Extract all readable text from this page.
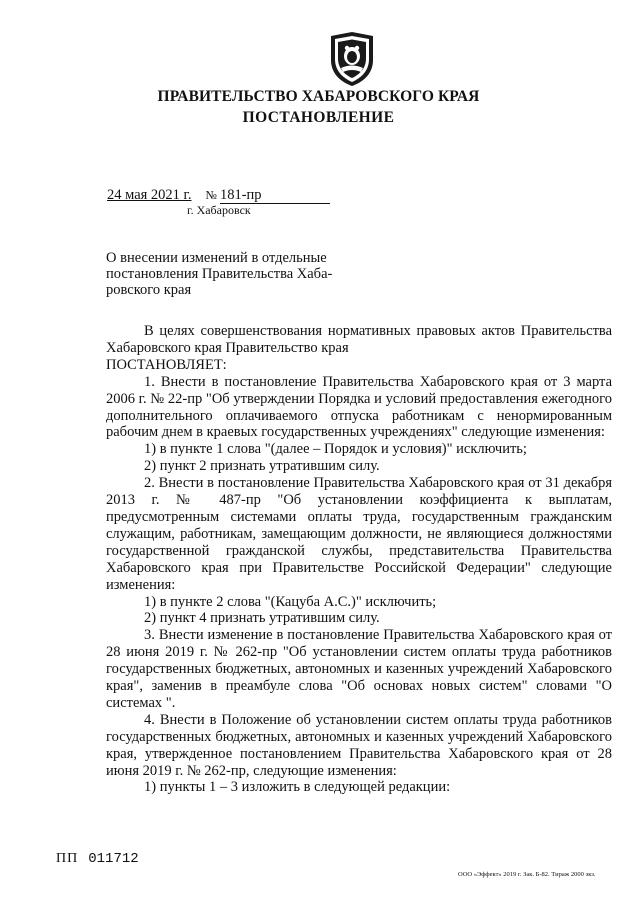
ПРАВИТЕЛЬСТВО ХАБАРОВСКОГО КРАЯ
ПОСТАНОВЛЕНИЕ
24 мая 2021 г. № 181-пр
г. Хабаровск
О внесении изменений в отдельные
постановления Правительства Хаба-
ровского края

В целях совершенствования нормативных правовых актов Правительства Хабаровского края Правительство края

ПОСТАНОВЛЯЕТ:

1. Внести в постановление Правительства Хабаровского края от 3 марта 2006 г. № 22-пр "Об утверждении Порядка и условий предоставления ежегодного дополнительного оплачиваемого отпуска работникам с ненормированным рабочим днем в краевых государственных учреждениях" следующие изменения:

1) в пункте 1 слова "(далее – Порядок и условия)" исключить;

2) пункт 2 признать утратившим силу.

2. Внести в постановление Правительства Хабаровского края от 31 декабря 2013 г. № 487-пр "Об установлении коэффициента к выплатам, предусмотренным системами оплаты труда, государственным гражданским служащим, работникам, замещающим должности, не являющиеся должностями государственной гражданской службы, представительства Правительства Хабаровского края при Правительстве Российской Федерации" следующие изменения:

1) в пункте 2 слова "(Кацуба А.С.)" исключить;

2) пункт 4 признать утратившим силу.

3. Внести изменение в постановление Правительства Хабаровского края от 28 июня 2019 г. № 262-пр "Об установлении систем оплаты труда работников государственных бюджетных, автономных и казенных учреждений Хабаровского края", заменив в преамбуле слова "Об основах новых систем" словами "О системах ".

4. Внести в Положение об установлении систем оплаты труда работников государственных бюджетных, автономных и казенных учреждений Хабаровского края, утвержденное постановлением Правительства Хабаровского края от 28 июня 2019 г. № 262-пр, следующие изменения:

1) пункты 1 – 3 изложить в следующей редакции:

ПП 011712
ООО «Эффект» 2019 г. Зак. Б-82. Тираж 2000 экз.
